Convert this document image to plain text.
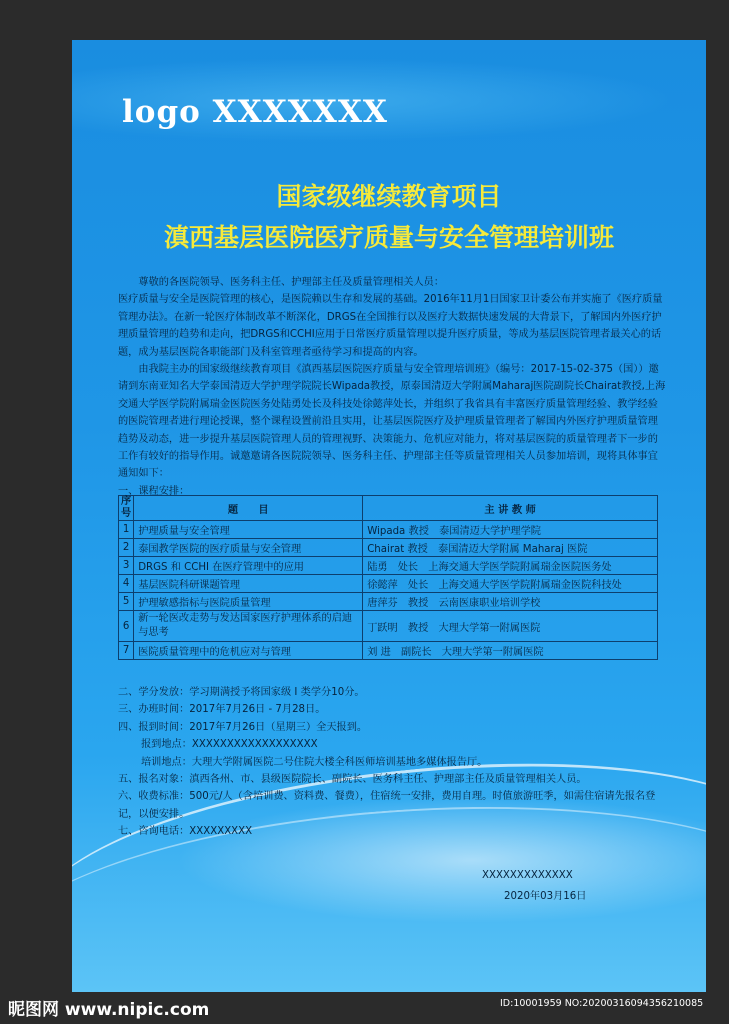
logo XXXXXXX
国家级继续教育项目
滇西基层医院医疗质量与安全管理培训班

尊敬的各医院领导、医务科主任、护理部主任及质量管理相关人员：

医疗质量与安全是医院管理的核心，是医院赖以生存和发展的基础。2016年11月1日国家卫计委公布并实施了《医疗质量管理办法》。在新一轮医疗体制改革不断深化，DRGS在全国推行以及医疗大数据快速发展的大背景下，了解国内外医疗护理质量管理的趋势和走向，把DRGS和CCHI应用于日常医疗质量管理以提升医疗质量，等成为基层医院管理者最关心的话题，成为基层医院各职能部门及科室管理者亟待学习和提高的内容。

由我院主办的国家级继续教育项目《滇西基层医院医疗质量与安全管理培训班》（编号：2017-15-02-375（国））邀请到东南亚知名大学泰国清迈大学护理学院院长Wipada教授，原泰国清迈大学附属Maharaj医院副院长Chairat教授,上海交通大学医学院附属瑞金医院医务处陆勇处长及科技处徐懿萍处长，并组织了我省具有丰富医疗质量管理经验、教学经验的医院管理者进行理论授课，整个课程设置前沿且实用，让基层医院医疗及护理质量管理者了解国内外医疗护理质量管理趋势及动态，进一步提升基层医院管理人员的管理视野、决策能力、危机应对能力，将对基层医院的质量管理者下一步的工作有较好的指导作用。诚邀邀请各医院院领导、医务科主任、护理部主任等质量管理相关人员参加培训，现将具体事宜通知如下：

一、课程安排：

序号	题　　目	主 讲 教 师
1	护理质量与安全管理	Wipada 教授　泰国清迈大学护理学院
2	泰国教学医院的医疗质量与安全管理	Chairat 教授　泰国清迈大学附属 Maharaj 医院
3	DRGS 和 CCHI 在医疗管理中的应用	陆勇　处长　上海交通大学医学院附属瑞金医院医务处
4	基层医院科研课题管理	徐懿萍　处长　上海交通大学医学院附属瑞金医院科技处
5	护理敏感指标与医院质量管理	唐萍芬　教授　云南医康职业培训学校
6	新一轮医改走势与发达国家医疗护理体系的启迪与思考	丁跃明　教授　大理大学第一附属医院
7	医院质量管理中的危机应对与管理	刘 进　副院长　大理大学第一附属医院

二、学分发放：学习期满授予将国家级 I 类学分10分。

三、办班时间：2017年7月26日 - 7月28日。

四、报到时间：2017年7月26日（星期三）全天报到。

报到地点：XXXXXXXXXXXXXXXXXX

培训地点：大理大学附属医院二号住院大楼全科医师培训基地多媒体报告厅。

五、报名对象：滇西各州、市、县级医院院长、副院长、医务科主任、护理部主任及质量管理相关人员。

六、收费标准：500元/人（含培训费、资料费、餐费），住宿统一安排，费用自理。时值旅游旺季，如需住宿请先报名登记，以便安排。

七、咨询电话：XXXXXXXXX

XXXXXXXXXXXXX
2020年03月16日
昵图网 www.nipic.com	ID:10001959 NO:20200316094356210085
